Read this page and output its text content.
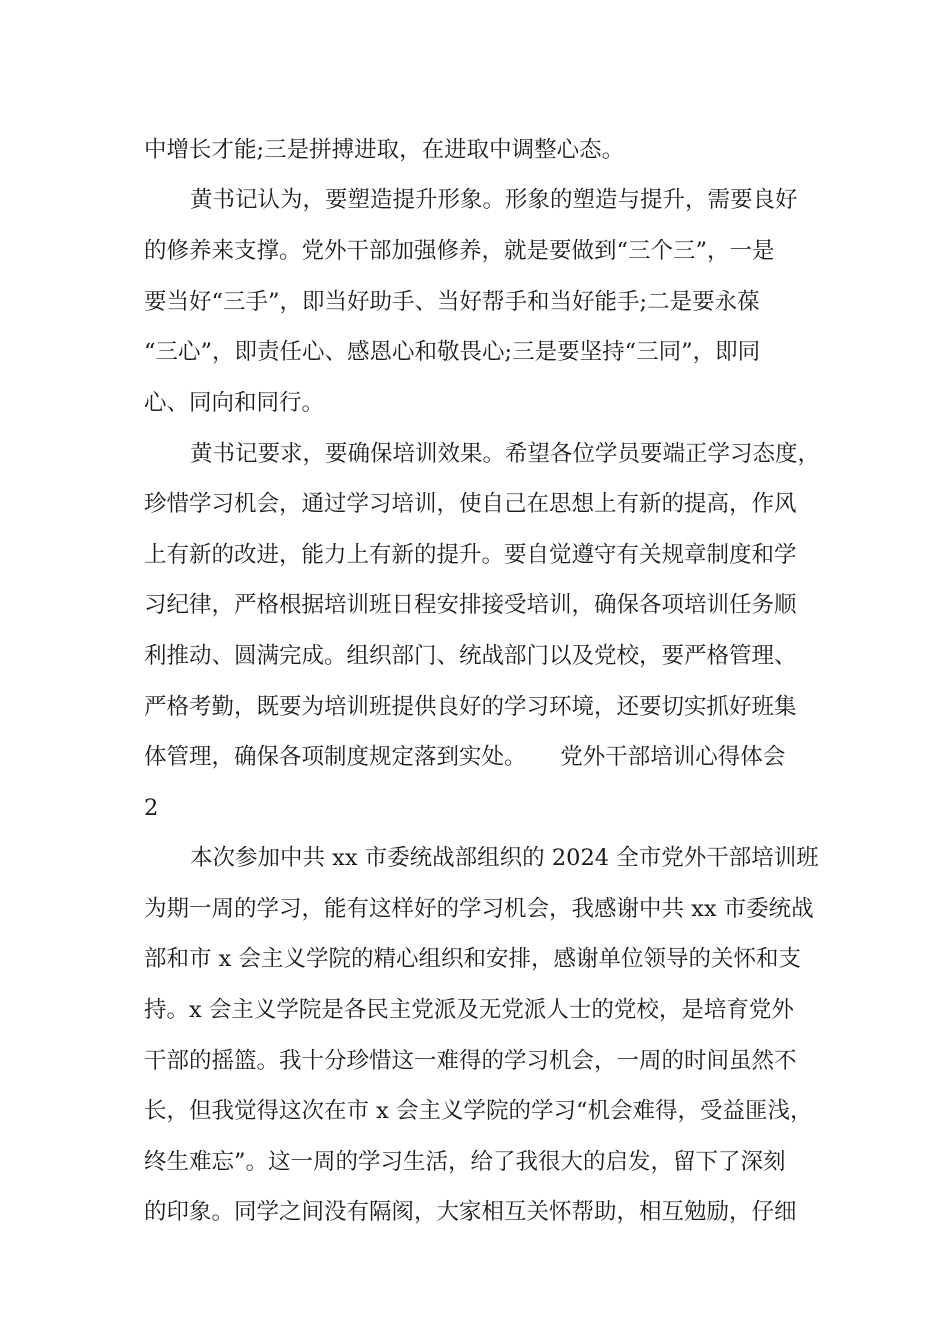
中增长才能;三是拼搏进取，在进取中调整心态。
黄书记认为，要塑造提升形象。形象的塑造与提升，需要良好
的修养来支撑。党外干部加强修养，就是要做到“三个三”，一是
要当好“三手”，即当好助手、当好帮手和当好能手;二是要永葆
“三心”，即责任心、感恩心和敬畏心;三是要坚持“三同”，即同
心、同向和同行。
黄书记要求，要确保培训效果。希望各位学员要端正学习态度，
珍惜学习机会，通过学习培训，使自己在思想上有新的提高，作风
上有新的改进，能力上有新的提升。要自觉遵守有关规章制度和学
习纪律，严格根据培训班日程安排接受培训，确保各项培训任务顺
利推动、圆满完成。组织部门、统战部门以及党校，要严格管理、
严格考勤，既要为培训班提供良好的学习环境，还要切实抓好班集
体管理，确保各项制度规定落到实处。　　党外干部培训心得体会
2
本次参加中共 xx 市委统战部组织的 2024 全市党外干部培训班
为期一周的学习，能有这样好的学习机会，我感谢中共 xx 市委统战
部和市 x 会主义学院的精心组织和安排，感谢单位领导的关怀和支
持。x 会主义学院是各民主党派及无党派人士的党校，是培育党外
干部的摇篮。我十分珍惜这一难得的学习机会，一周的时间虽然不
长，但我觉得这次在市 x 会主义学院的学习“机会难得，受益匪浅，
终生难忘”。这一周的学习生活，给了我很大的启发，留下了深刻
的印象。同学之间没有隔阂，大家相互关怀帮助，相互勉励，仔细
